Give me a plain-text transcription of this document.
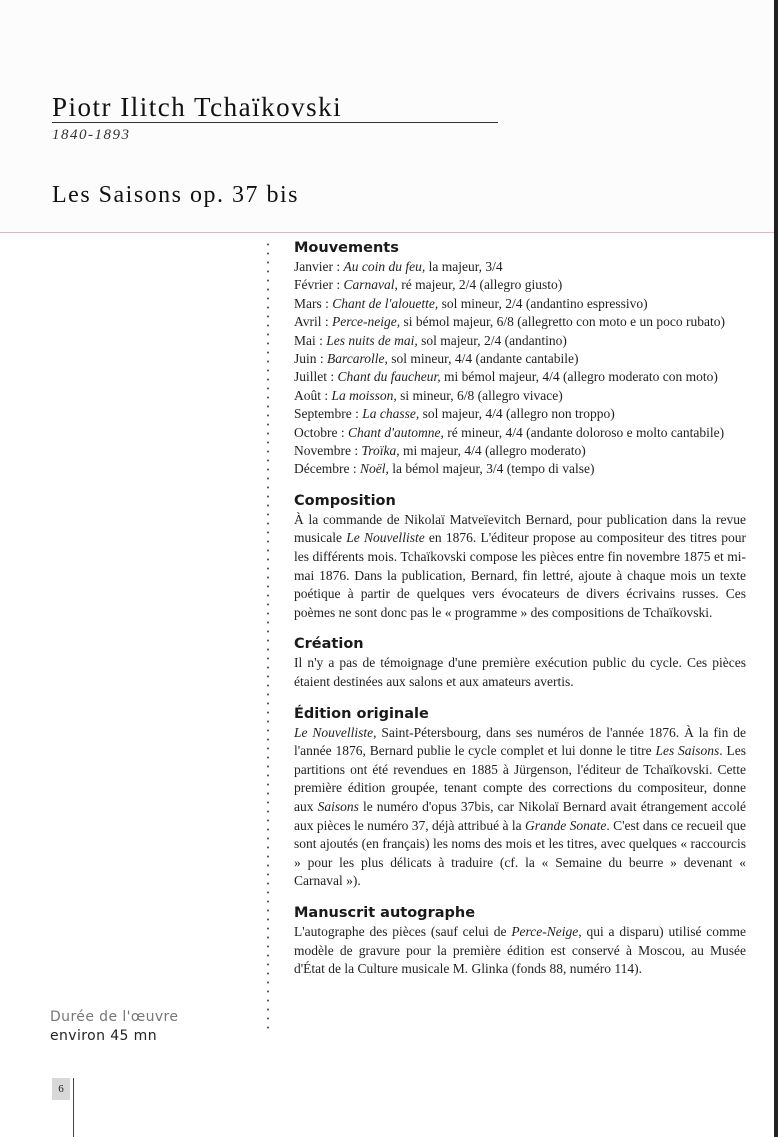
Piotr Ilitch Tchaïkovski
1840-1893
Les Saisons op. 37 bis
Mouvements
Janvier : Au coin du feu, la majeur, 3/4
Février : Carnaval, ré majeur, 2/4 (allegro giusto)
Mars : Chant de l'alouette, sol mineur, 2/4 (andantino espressivo)
Avril : Perce-neige, si bémol majeur, 6/8 (allegretto con moto e un poco rubato)
Mai : Les nuits de mai, sol majeur, 2/4 (andantino)
Juin : Barcarolle, sol mineur, 4/4 (andante cantabile)
Juillet : Chant du faucheur, mi bémol majeur, 4/4 (allegro moderato con moto)
Août : La moisson, si mineur, 6/8 (allegro vivace)
Septembre : La chasse, sol majeur, 4/4 (allegro non troppo)
Octobre : Chant d'automne, ré mineur, 4/4 (andante doloroso e molto cantabile)
Novembre : Troïka, mi majeur, 4/4 (allegro moderato)
Décembre : Noël, la bémol majeur, 3/4 (tempo di valse)
Composition

À la commande de Nikolaï Matveïevitch Bernard, pour publication dans la revue musicale Le Nouvelliste en 1876. L'éditeur propose au compositeur des titres pour les différents mois. Tchaïkovski compose les pièces entre fin novembre 1875 et mi-mai 1876. Dans la publication, Bernard, fin lettré, ajoute à chaque mois un texte poétique à partir de quelques vers évocateurs de divers écrivains russes. Ces poèmes ne sont donc pas le « programme » des compositions de Tchaïkovski.

Création

Il n'y a pas de témoignage d'une première exécution public du cycle. Ces pièces étaient destinées aux salons et aux amateurs avertis.

Édition originale

Le Nouvelliste, Saint-Pétersbourg, dans ses numéros de l'année 1876. À la fin de l'année 1876, Bernard publie le cycle complet et lui donne le titre Les Saisons. Les partitions ont été revendues en 1885 à Jürgenson, l'éditeur de Tchaïkovski. Cette première édition groupée, tenant compte des corrections du compositeur, donne aux Saisons le numéro d'opus 37bis, car Nikolaï Bernard avait étrangement accolé aux pièces le numéro 37, déjà attribué à la Grande Sonate. C'est dans ce recueil que sont ajoutés (en français) les noms des mois et les titres, avec quelques « raccourcis » pour les plus délicats à traduire (cf. la « Semaine du beurre » devenant « Carnaval »).

Manuscrit autographe

L'autographe des pièces (sauf celui de Perce-Neige, qui a disparu) utilisé comme modèle de gravure pour la première édition est conservé à Moscou, au Musée d'État de la Culture musicale M. Glinka (fonds 88, numéro 114).

Durée de l'œuvre
environ 45 mn
6
